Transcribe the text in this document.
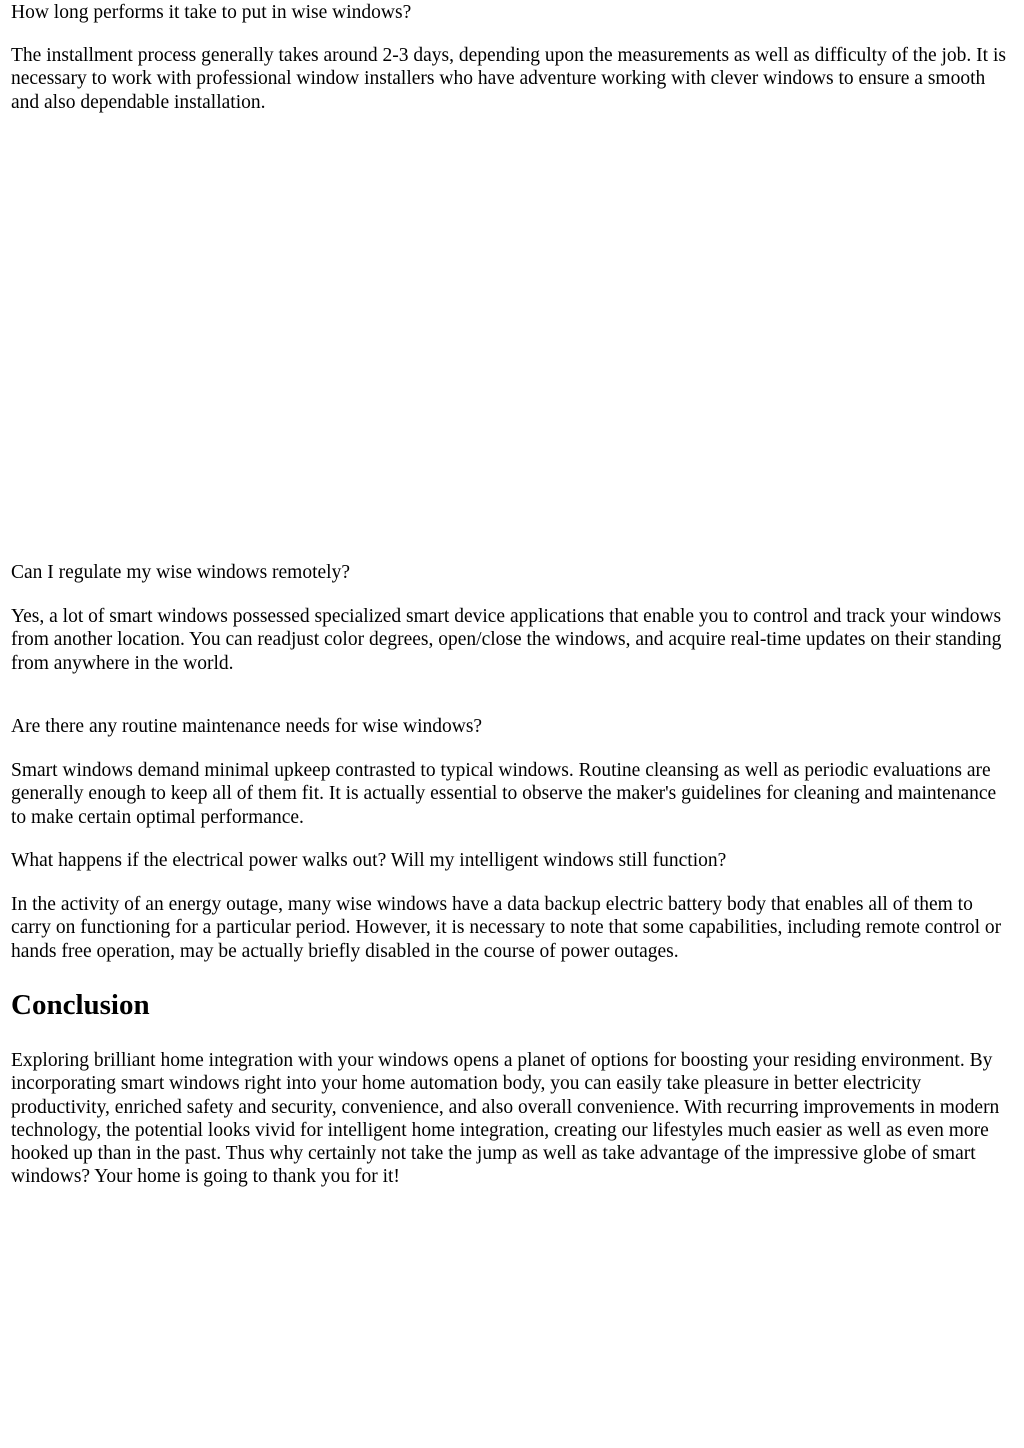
How long performs it take to put in wise windows?

The installment process generally takes around 2-3 days, depending upon the measurements as well as difficulty of the job. It is necessary to work with professional window installers who have adventure working with clever windows to ensure a smooth and also dependable installation.

Can I regulate my wise windows remotely?

Yes, a lot of smart windows possessed specialized smart device applications that enable you to control and track your windows from another location. You can readjust color degrees, open/close the windows, and acquire real-time updates on their standing from anywhere in the world.

Are there any routine maintenance needs for wise windows?

Smart windows demand minimal upkeep contrasted to typical windows. Routine cleansing as well as periodic evaluations are generally enough to keep all of them fit. It is actually essential to observe the maker's guidelines for cleaning and maintenance to make certain optimal performance.

What happens if the electrical power walks out? Will my intelligent windows still function?

In the activity of an energy outage, many wise windows have a data backup electric battery body that enables all of them to carry on functioning for a particular period. However, it is necessary to note that some capabilities, including remote control or hands free operation, may be actually briefly disabled in the course of power outages.

Conclusion

Exploring brilliant home integration with your windows opens a planet of options for boosting your residing environment. By incorporating smart windows right into your home automation body, you can easily take pleasure in better electricity productivity, enriched safety and security, convenience, and also overall convenience. With recurring improvements in modern technology, the potential looks vivid for intelligent home integration, creating our lifestyles much easier as well as even more hooked up than in the past. Thus why certainly not take the jump as well as take advantage of the impressive globe of smart windows? Your home is going to thank you for it!
